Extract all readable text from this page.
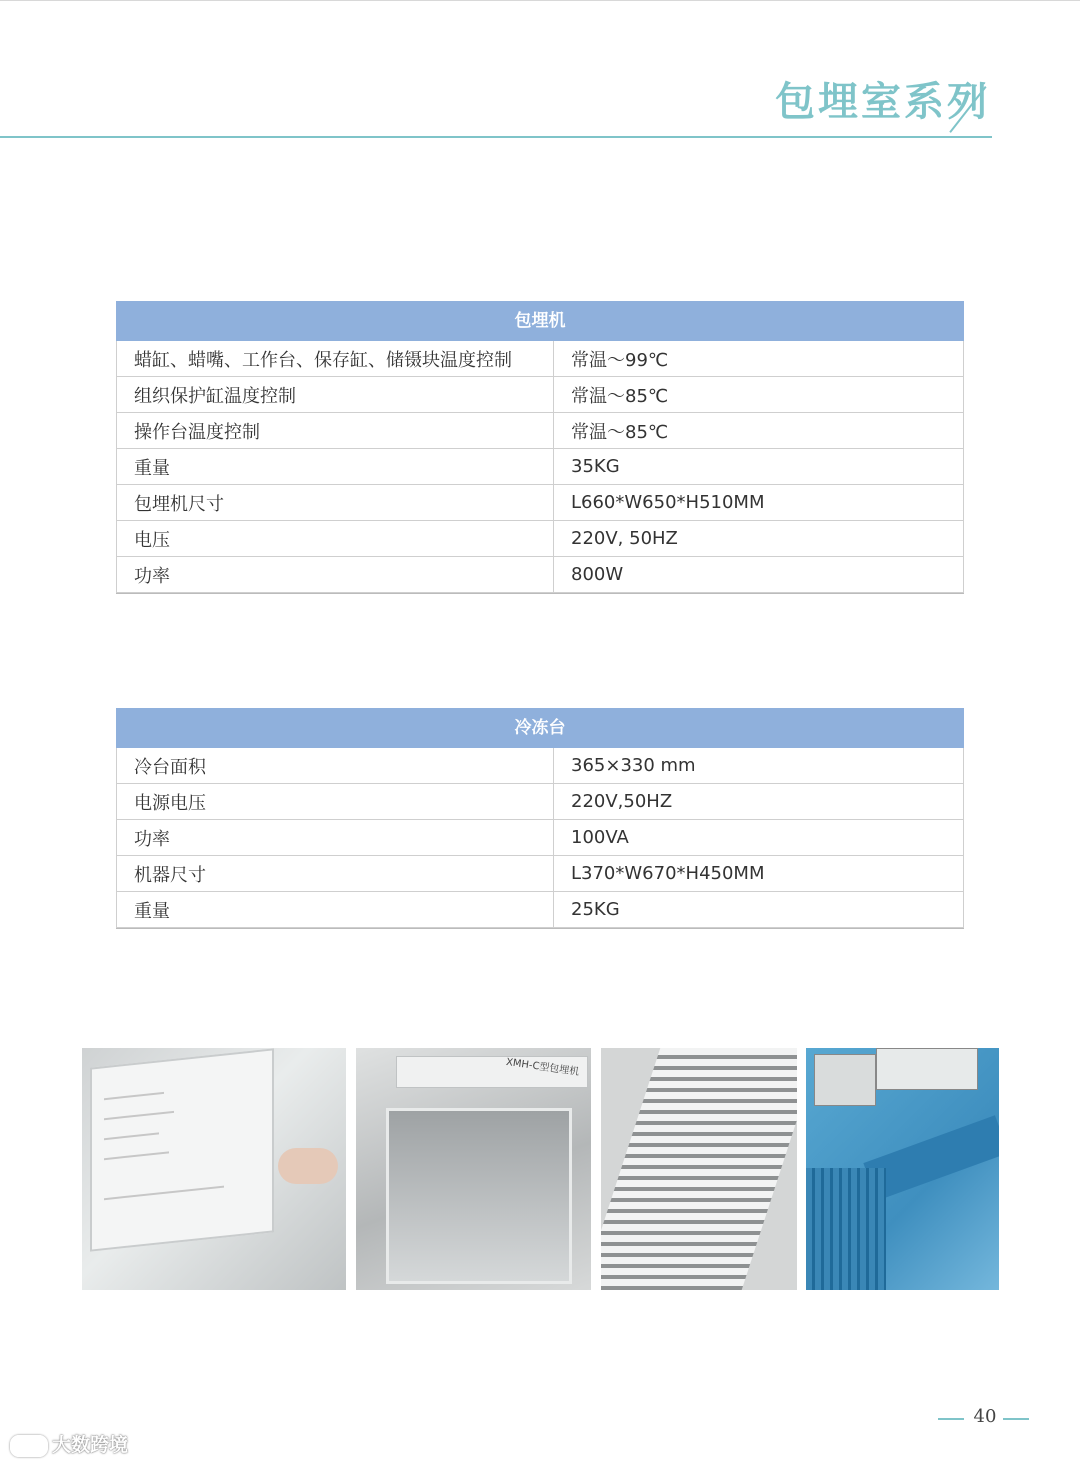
包埋室系列
包埋机	
蜡缸、蜡嘴、工作台、保存缸、储镊块温度控制	常温～99℃
组织保护缸温度控制	常温～85℃
操作台温度控制	常温～85℃
重量	35KG
包埋机尺寸	L660*W650*H510MM
电压	220V, 50HZ
功率	800W
冷冻台	
冷台面积	365×330 mm
电源电压	220V,50HZ
功率	100VA
机器尺寸	L370*W670*H450MM
重量	25KG
XMH-C型包埋机
40
大数跨境
